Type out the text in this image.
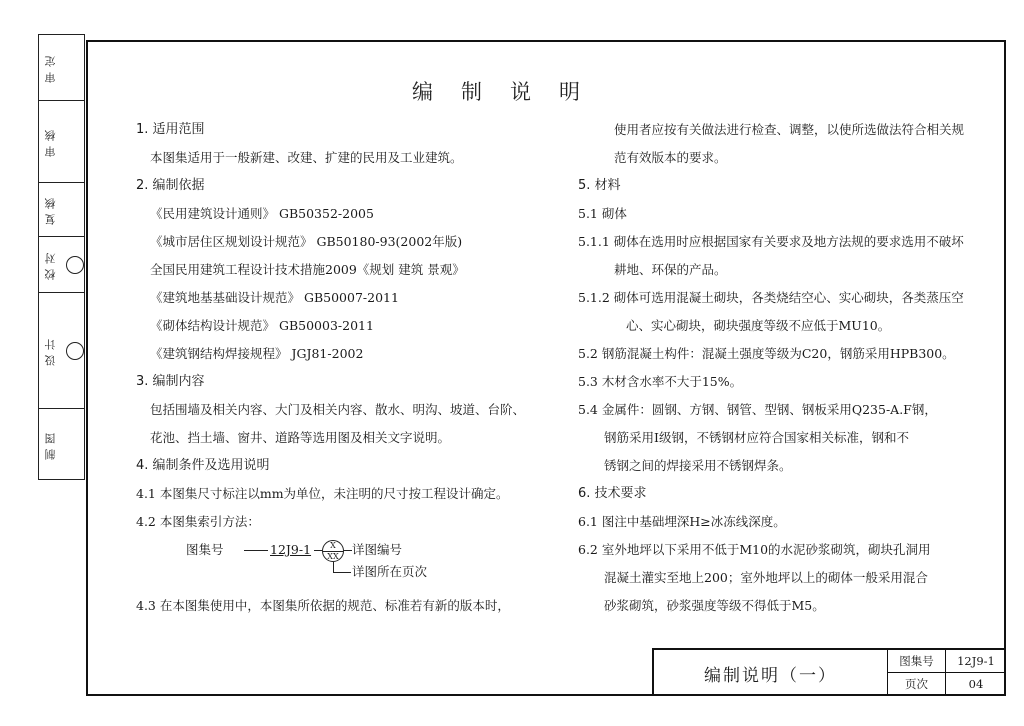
审定
审核
复核
校对
设计
制图
编制说明
1. 适用范围
本图集适用于一般新建、改建、扩建的民用及工业建筑。
2. 编制依据
《民用建筑设计通则》 GB50352-2005
《城市居住区规划设计规范》 GB50180-93(2002年版)
全国民用建筑工程设计技术措施2009《规划 建筑 景观》
《建筑地基基础设计规范》 GB50007-2011
《砌体结构设计规范》 GB50003-2011
《建筑钢结构焊接规程》 JGJ81-2002
3. 编制内容
包括围墙及相关内容、大门及相关内容、散水、明沟、坡道、台阶、
花池、挡土墙、窗井、道路等选用图及相关文字说明。
4. 编制条件及选用说明
4.1 本图集尺寸标注以mm为单位，未注明的尺寸按工程设计确定。
4.2 本图集索引方法：
图集号	12J9-1	X
XX	详图编号
详图所在页次
4.3 在本图集使用中，本图集所依据的规范、标准若有新的版本时，
使用者应按有关做法进行检查、调整，以使所选做法符合相关规
范有效版本的要求。
5. 材料
5.1 砌体
5.1.1 砌体在选用时应根据国家有关要求及地方法规的要求选用不破坏
耕地、环保的产品。
5.1.2 砌体可选用混凝土砌块，各类烧结空心、实心砌块，各类蒸压空
心、实心砌块，砌块强度等级不应低于MU10。
5.2 钢筋混凝土构件：混凝土强度等级为C20，钢筋采用HPB300。
5.3 木材含水率不大于15%。
5.4 金属件：圆钢、方钢、钢管、型钢、钢板采用Q235-A.F钢，
钢筋采用Ⅰ级钢，不锈钢材应符合国家相关标准，钢和不
锈钢之间的焊接采用不锈钢焊条。
6. 技术要求
6.1 图注中基础埋深H≥冰冻线深度。
6.2 室外地坪以下采用不低于M10的水泥砂浆砌筑，砌块孔洞用
混凝土灌实至地上200；室外地坪以上的砌体一般采用混合
砂浆砌筑，砂浆强度等级不得低于M5。
编制说明（一）
图集号	12J9-1
页次	04
